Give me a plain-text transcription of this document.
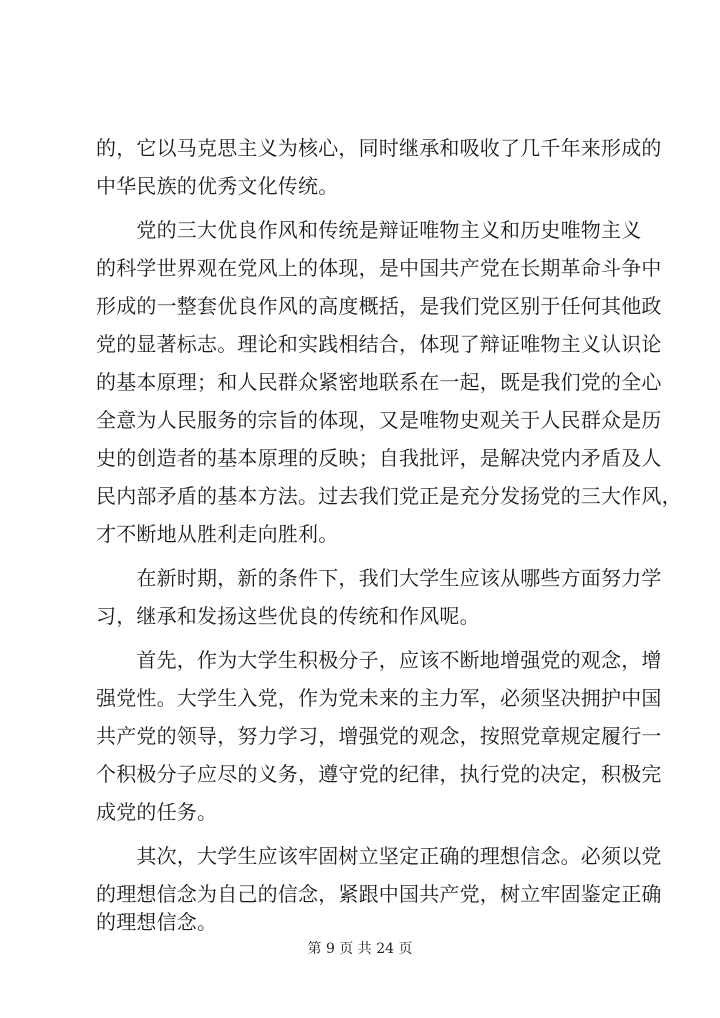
的，它以马克思主义为核心，同时继承和吸收了几千年来形成的
中华民族的优秀文化传统。
　　党的三大优良作风和传统是辩证唯物主义和历史唯物主义
的科学世界观在党风上的体现，是中国共产党在长期革命斗争中
形成的一整套优良作风的高度概括，是我们党区别于任何其他政
党的显著标志。理论和实践相结合，体现了辩证唯物主义认识论
的基本原理；和人民群众紧密地联系在一起，既是我们党的全心
全意为人民服务的宗旨的体现，又是唯物史观关于人民群众是历
史的创造者的基本原理的反映；自我批评，是解决党内矛盾及人
民内部矛盾的基本方法。过去我们党正是充分发扬党的三大作风，
才不断地从胜利走向胜利。
　　在新时期，新的条件下，我们大学生应该从哪些方面努力学
习，继承和发扬这些优良的传统和作风呢。
　　首先，作为大学生积极分子，应该不断地增强党的观念，增
强党性。大学生入党，作为党未来的主力军，必须坚决拥护中国
共产党的领导，努力学习，增强党的观念，按照党章规定履行一
个积极分子应尽的义务，遵守党的纪律，执行党的决定，积极完
成党的任务。
　　其次，大学生应该牢固树立坚定正确的理想信念。必须以党
的理想信念为自己的信念，紧跟中国共产党，树立牢固鉴定正确
第 9 页 共 24 页
的理想信念。
